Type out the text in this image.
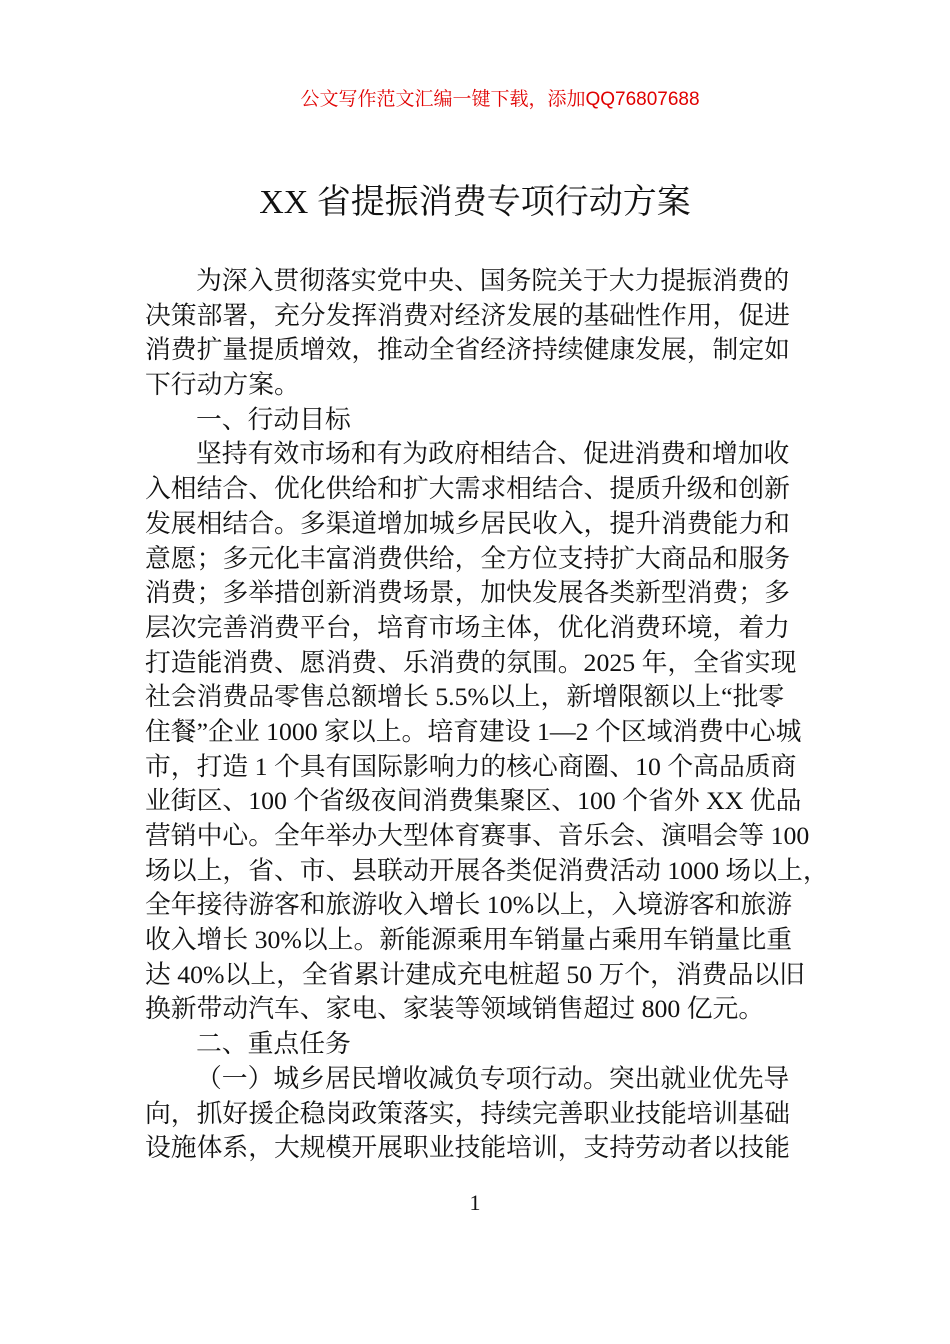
公文写作范文汇编一键下载，添加QQ76807688
XX 省提振消费专项行动方案
为深入贯彻落实党中央、国务院关于大力提振消费的
决策部署，充分发挥消费对经济发展的基础性作用，促进
消费扩量提质增效，推动全省经济持续健康发展，制定如
下行动方案。
一、行动目标
坚持有效市场和有为政府相结合、促进消费和增加收
入相结合、优化供给和扩大需求相结合、提质升级和创新
发展相结合。多渠道增加城乡居民收入，提升消费能力和
意愿；多元化丰富消费供给，全方位支持扩大商品和服务
消费；多举措创新消费场景，加快发展各类新型消费；多
层次完善消费平台，培育市场主体，优化消费环境，着力
打造能消费、愿消费、乐消费的氛围。2025 年，全省实现
社会消费品零售总额增长 5.5%以上，新增限额以上“批零
住餐”企业 1000 家以上。培育建设 1—2 个区域消费中心城
市，打造 1 个具有国际影响力的核心商圈、10 个高品质商
业街区、100 个省级夜间消费集聚区、100 个省外 XX 优品
营销中心。全年举办大型体育赛事、音乐会、演唱会等 100
场以上，省、市、县联动开展各类促消费活动 1000 场以上，
全年接待游客和旅游收入增长 10%以上，入境游客和旅游
收入增长 30%以上。新能源乘用车销量占乘用车销量比重
达 40%以上，全省累计建成充电桩超 50 万个，消费品以旧
换新带动汽车、家电、家装等领域销售超过 800 亿元。
二、重点任务
（一）城乡居民增收减负专项行动。突出就业优先导
向，抓好援企稳岗政策落实，持续完善职业技能培训基础
设施体系，大规模开展职业技能培训，支持劳动者以技能
1
